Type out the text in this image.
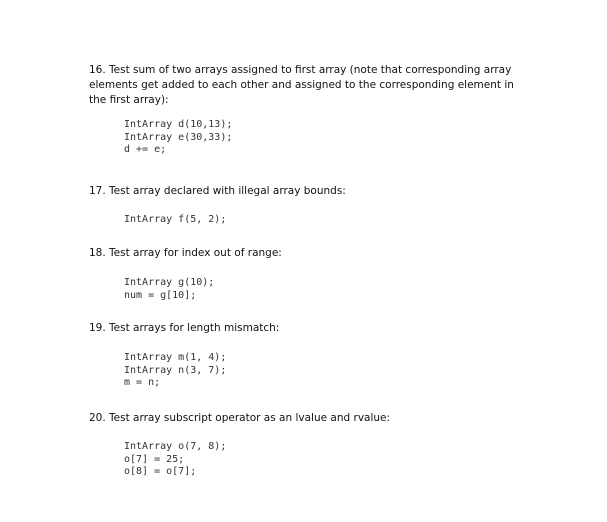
16. Test sum of two arrays assigned to first array (note that corresponding array elements get added to each other and assigned to the corresponding element in the first array):

IntArray d(10,13);
IntArray e(30,33);
d += e;

17. Test array declared with illegal array bounds:

IntArray f(5, 2);

18. Test array for index out of range:

IntArray g(10);
num = g[10];

19. Test arrays for length mismatch:

IntArray m(1, 4);
IntArray n(3, 7);
m = n;

20. Test array subscript operator as an lvalue and rvalue:

IntArray o(7, 8);
o[7] = 25;
o[8] = o[7];
